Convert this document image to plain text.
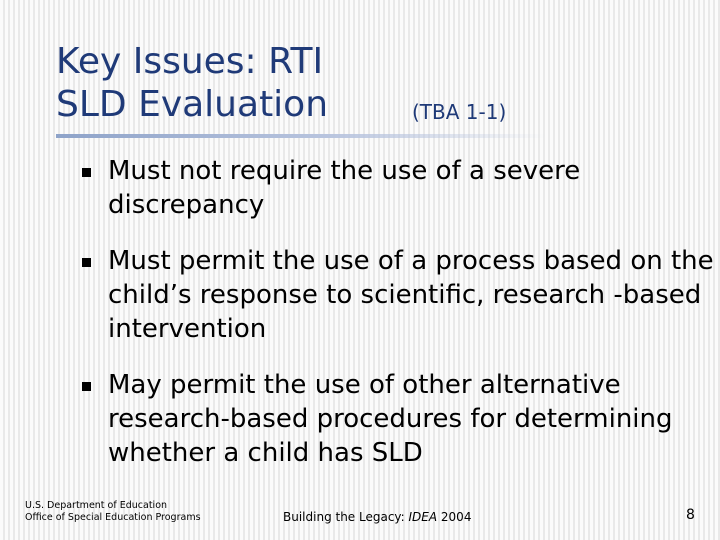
Key Issues: RTI
SLD Evaluation	(TBA 1-1)
Must not require the use of a severe discrepancy
Must permit the use of a process based on the child’s response to scientific, research -based intervention
May permit the use of other alternative research-based procedures for determining whether a child has SLD
U.S. Department of Education
Office of Special Education Programs	Building the Legacy: IDEA 2004	8
